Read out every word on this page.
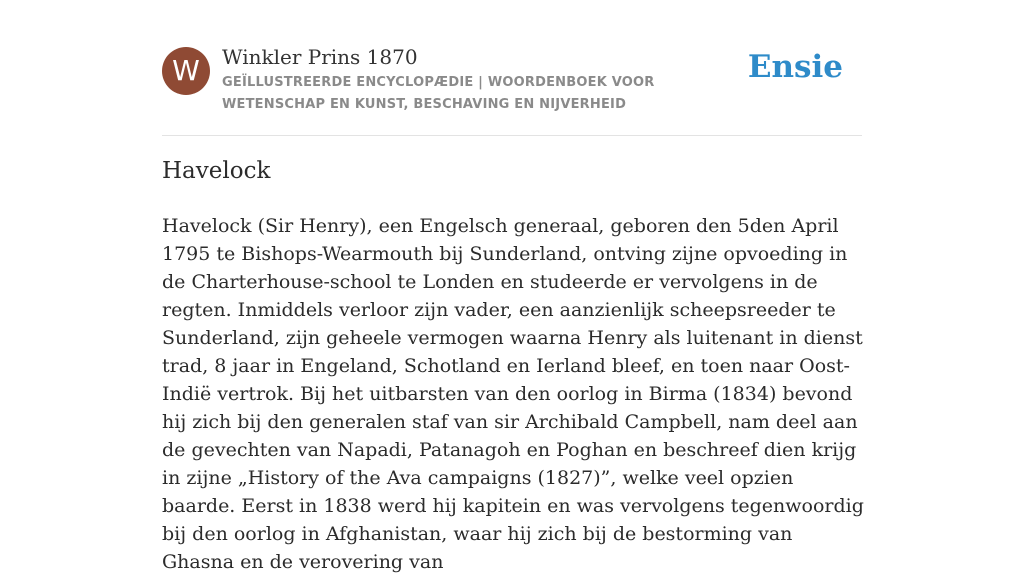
W	Winkler Prins 1870
GEÏLLUSTREERDE ENCYCLOPÆDIE | WOORDENBOEK VOOR WETENSCHAP EN KUNST, BESCHAVING EN NIJVERHEID
Ensie
Havelock

Havelock (Sir Henry), een Engelsch generaal, geboren den 5den April 1795 te Bishops-Wearmouth bij Sunderland, ontving zijne opvoeding in de Charterhouse-school te Londen en studeerde er vervolgens in de regten. Inmiddels verloor zijn vader, een aanzienlijk scheepsreeder te Sunderland, zijn geheele vermogen waarna Henry als luitenant in dienst trad, 8 jaar in Engeland, Schotland en Ierland bleef, en toen naar Oost-Indië vertrok. Bij het uitbarsten van den oorlog in Birma (1834) bevond hij zich bij den generalen staf van sir Archibald Campbell, nam deel aan de gevechten van Napadi, Patanagoh en Poghan en beschreef dien krijg in zijne „History of the Ava campaigns (1827)”, welke veel opzien baarde. Eerst in 1838 werd hij kapitein en was vervolgens tegenwoordig bij den oorlog in Afghanistan, waar hij zich bij de bestorming van Ghasna en de verovering van
